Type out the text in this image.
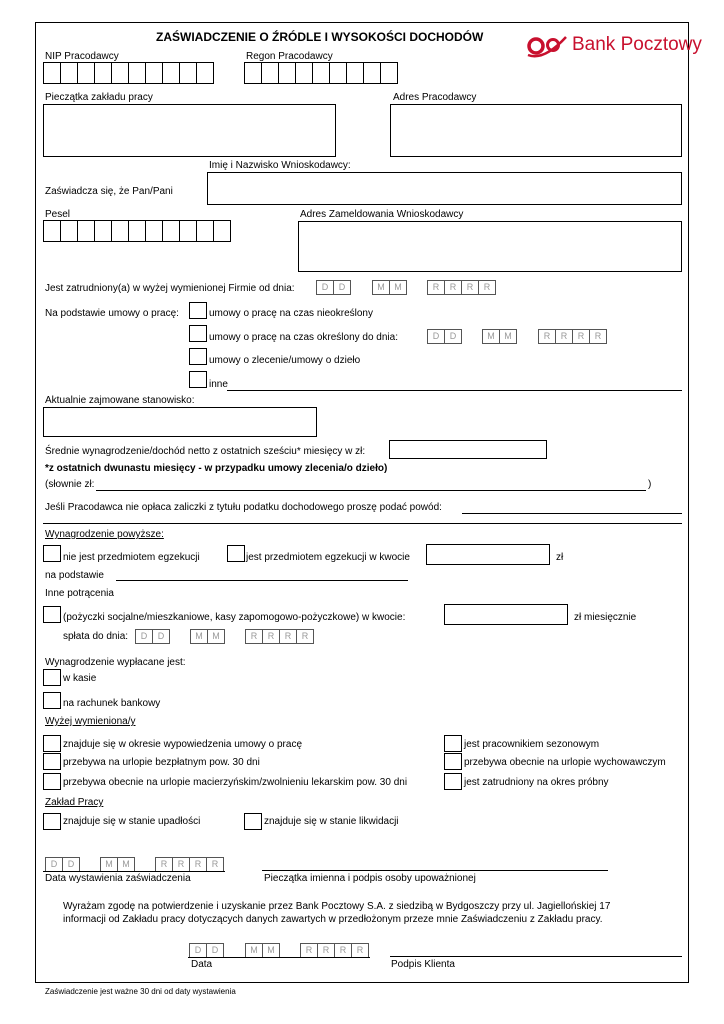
ZAŚWIADCZENIE O ŹRÓDLE I WYSOKOŚCI DOCHODÓW	Bank Pocztowy
NIP Pracodawcy	Regon Pracodawcy
Pieczątka zakładu pracy	Adres Pracodawcy
Imię i Nazwisko Wnioskodawcy:
Zaświadcza się, że Pan/Pani
Pesel	Adres Zameldowania Wnioskodawcy
Jest zatrudniony(a) w wyżej wymienionej Firmie od dnia:	D	D	M	M	R	R	R	R
Na podstawie umowy o pracę:	umowy o pracę na czas nieokreślony
umowy o pracę na czas określony do dnia:	D	D	M	M	R	R	R	R
umowy o zlecenie/umowy o dzieło
inne
Aktualnie zajmowane stanowisko:
Średnie wynagrodzenie/dochód netto z ostatnich sześciu* miesięcy w zł:
*z ostatnich dwunastu miesięcy - w przypadku umowy zlecenia/o dzieło)
(słownie zł:	)
Jeśli Pracodawca nie opłaca zaliczki z tytułu podatku dochodowego proszę podać powód:
Wynagrodzenie powyższe:
nie jest przedmiotem egzekucji	jest przedmiotem egzekucji w kwocie	zł
na podstawie
Inne potrącenia
(pożyczki socjalne/mieszkaniowe, kasy zapomogowo-pożyczkowe) w kwocie:	zł miesięcznie
spłata do dnia:	D	D	M	M	R	R	R	R
Wynagrodzenie wypłacane jest:
w kasie
na rachunek bankowy
Wyżej wymieniona/y
znajduje się w okresie wypowiedzenia umowy o pracę
przebywa na urlopie bezpłatnym pow. 30 dni
przebywa obecnie na urlopie macierzyńskim/zwolnieniu lekarskim pow. 30 dni
jest pracownikiem sezonowym
przebywa obecnie na urlopie wychowawczym
jest zatrudniony na okres próbny
Zakład Pracy
znajduje się w stanie upadłości	znajduje się w stanie likwidacji
D	D	M	M	R	R	R	R
Data wystawienia zaświadczenia	Pieczątka imienna i podpis osoby upoważnionej
Wyrażam zgodę na potwierdzenie i uzyskanie przez Bank Pocztowy S.A. z siedzibą w Bydgoszczy przy ul. Jagiellońskiej 17
informacji od Zakładu pracy dotyczących danych zawartych w przedłożonym przeze mnie Zaświadczeniu z Zakładu pracy.
D	D	M	M	R	R	R	R
Data	Podpis Klienta
Zaświadczenie jest ważne 30 dni od daty wystawienia
